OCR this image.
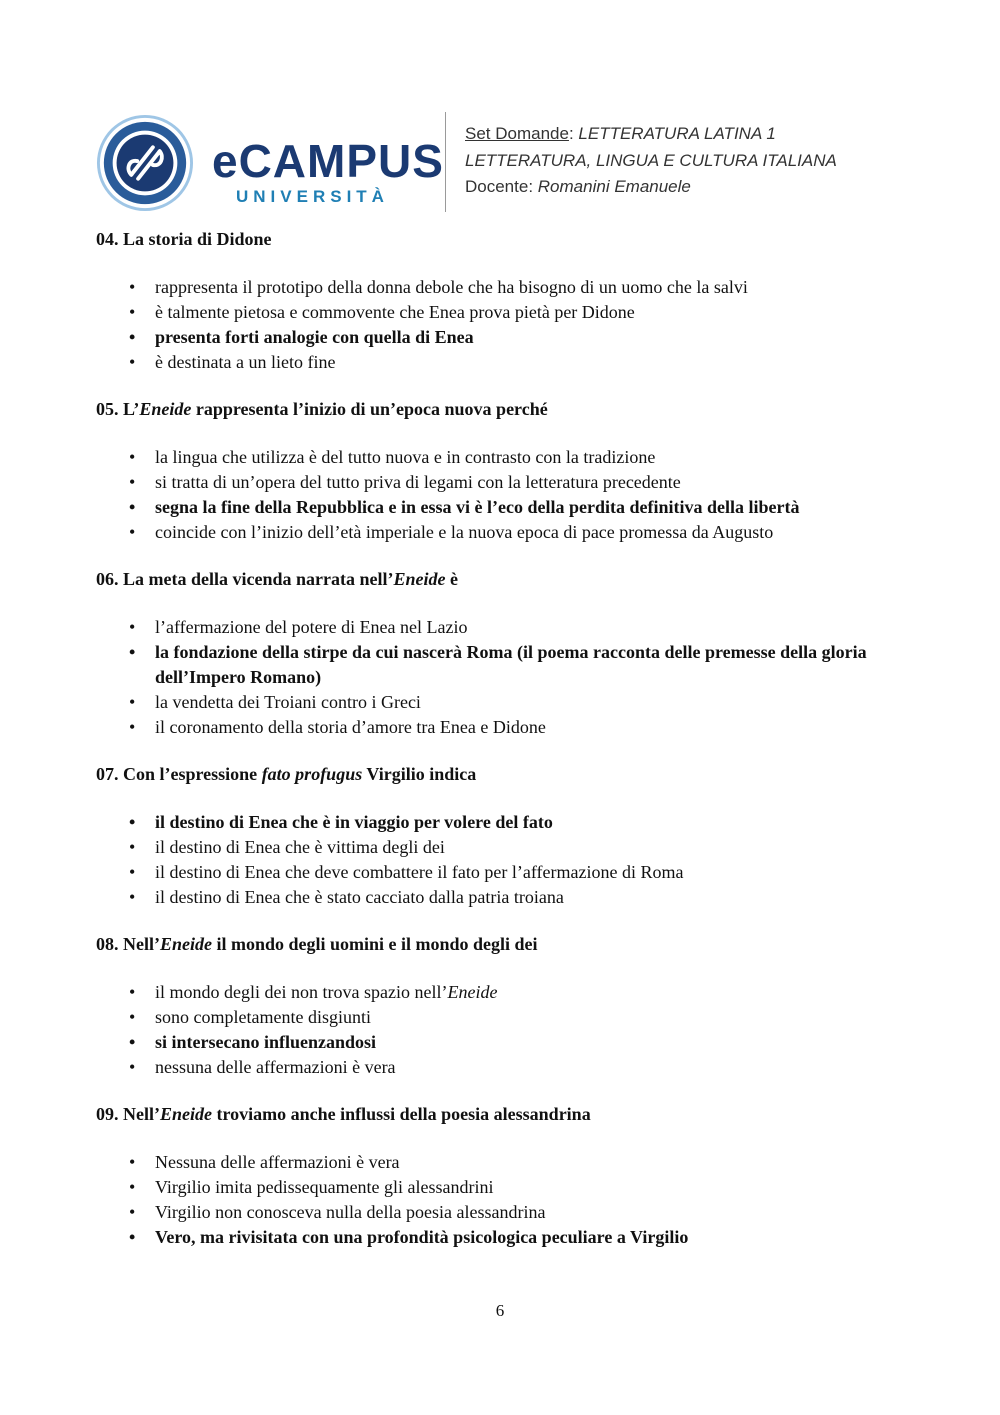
eCAMPUS
UNIVERSITÀ
Set Domande: LETTERATURA LATINA 1
LETTERATURA, LINGUA E CULTURA ITALIANA
Docente: Romanini Emanuele
04. La storia di Didone
• rappresenta il prototipo della donna debole che ha bisogno di un uomo che la salvi
• è talmente pietosa e commovente che Enea prova pietà per Didone
• presenta forti analogie con quella di Enea
• è destinata a un lieto fine
05. L’Eneide rappresenta l’inizio di un’epoca nuova perché
• la lingua che utilizza è del tutto nuova e in contrasto con la tradizione
• si tratta di un’opera del tutto priva di legami con la letteratura precedente
• segna la fine della Repubblica e in essa vi è l’eco della perdita definitiva della libertà
• coincide con l’inizio dell’età imperiale e la nuova epoca di pace promessa da Augusto
06. La meta della vicenda narrata nell’Eneide è
• l’affermazione del potere di Enea nel Lazio
• la fondazione della stirpe da cui nascerà Roma (il poema racconta delle premesse della gloria dell’Impero Romano)
• la vendetta dei Troiani contro i Greci
• il coronamento della storia d’amore tra Enea e Didone
07. Con l’espressione fato profugus Virgilio indica
• il destino di Enea che è in viaggio per volere del fato
• il destino di Enea che è vittima degli dei
• il destino di Enea che deve combattere il fato per l’affermazione di Roma
• il destino di Enea che è stato cacciato dalla patria troiana
08. Nell’Eneide il mondo degli uomini e il mondo degli dei
• il mondo degli dei non trova spazio nell’Eneide
• sono completamente disgiunti
• si intersecano influenzandosi
• nessuna delle affermazioni è vera
09. Nell’Eneide troviamo anche influssi della poesia alessandrina
• Nessuna delle affermazioni è vera
• Virgilio imita pedissequamente gli alessandrini
• Virgilio non conosceva nulla della poesia alessandrina
• Vero, ma rivisitata con una profondità psicologica peculiare a Virgilio
6
